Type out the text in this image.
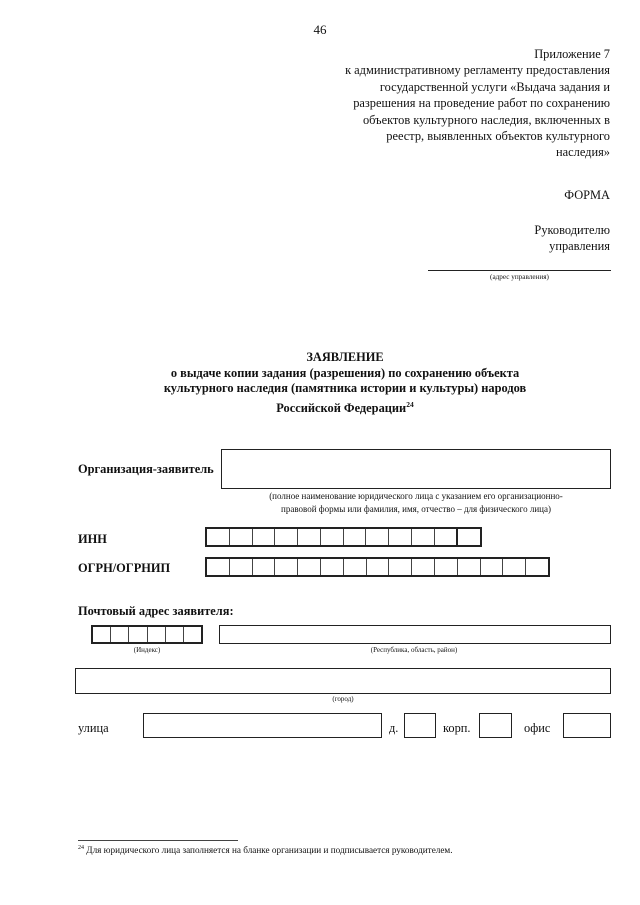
46
Приложение 7
к административному регламенту предоставления
государственной услуги «Выдача задания и
разрешения на проведение работ по сохранению
объектов культурного наследия, включенных в
реестр, выявленных объектов культурного
наследия»
ФОРМА
Руководителю
управления
(адрес управления)
ЗАЯВЛЕНИЕ
о выдаче копии задания (разрешения) по сохранению объекта
культурного наследия (памятника истории и культуры) народов
Российской Федерации$^{24}$
Организация-заявитель
(полное наименование юридического лица с указанием его организационно-
правовой формы или фамилия, имя, отчество – для физического лица)
ИНН
ОГРН/ОГРНИП
Почтовый адрес заявителя:
(Индекс)	(Республика, область, район)
(город)
улица	д.	корп.	офис
$^{24}$ Для юридического лица заполняется на бланке организации и подписывается руководителем.
